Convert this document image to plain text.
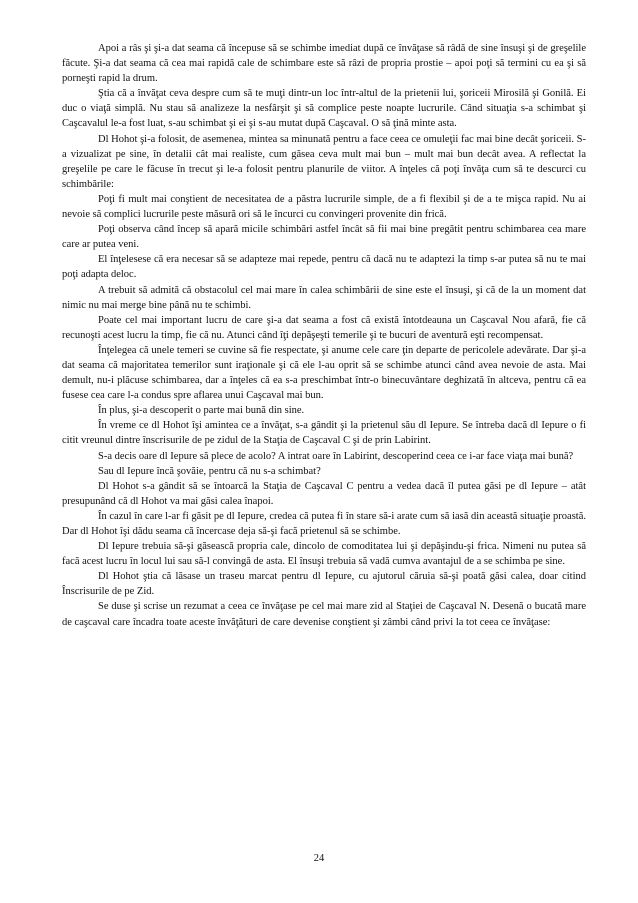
Apoi a râs şi şi-a dat seama că începuse să se schimbe imediat după ce învăţase să râdă de sine însuşi şi de greşelile făcute. Şi-a dat seama că cea mai rapidă cale de schimbare este să râzi de propria prostie – apoi poţi să termini cu ea şi să porneşti rapid la drum.

Ştia că a învăţat ceva despre cum să te muţi dintr-un loc într-altul de la prietenii lui, şoriceii Mirosilă şi Gonilă. Ei duc o viaţă simplă. Nu stau să analizeze la nesfârşit şi să complice peste noapte lucrurile. Când situaţia s-a schimbat şi Caşcavalul le-a fost luat, s-au schimbat şi ei şi s-au mutat după Caşcaval. O să ţină minte asta.

Dl Hohot şi-a folosit, de asemenea, mintea sa minunată pentru a face ceea ce omuleţii fac mai bine decât şoriceii. S-a vizualizat pe sine, în detalii cât mai realiste, cum găsea ceva mult mai bun – mult mai bun decât avea. A reflectat la greşelile pe care le făcuse în trecut şi le-a folosit pentru planurile de viitor. A înţeles că poţi învăţa cum să te descurci cu schimbările:

Poţi fi mult mai conştient de necesitatea de a păstra lucrurile simple, de a fi flexibil şi de a te mişca rapid. Nu ai nevoie să complici lucrurile peste măsură ori să le încurci cu convingeri provenite din frică.

Poţi observa când încep să apară micile schimbări astfel încât să fii mai bine pregătit pentru schimbarea cea mare care ar putea veni.

El înţelesese că era necesar să se adapteze mai repede, pentru că dacă nu te adaptezi la timp s-ar putea să nu te mai poţi adapta deloc.

A trebuit să admită că obstacolul cel mai mare în calea schimbării de sine este el însuşi, şi că de la un moment dat nimic nu mai merge bine până nu te schimbi.

Poate cel mai important lucru de care şi-a dat seama a fost că există întotdeauna un Caşcaval Nou afară, fie că recunoşti acest lucru la timp, fie că nu. Atunci când îţi depăşeşti temerile şi te bucuri de aventură eşti recompensat.

Înţelegea că unele temeri se cuvine să fie respectate, şi anume cele care ţin departe de pericolele adevărate. Dar şi-a dat seama că majoritatea temerilor sunt iraţionale şi că ele l-au oprit să se schimbe atunci când avea nevoie de asta. Mai demult, nu-i plăcuse schimbarea, dar a înţeles că ea s-a preschimbat într-o binecuvântare deghizată în altceva, pentru că ea fusese cea care l-a condus spre aflarea unui Caşcaval mai bun.

În plus, şi-a descoperit o parte mai bună din sine.

În vreme ce dl Hohot îşi amintea ce a învăţat, s-a gândit şi la prietenul său dl Iepure. Se întreba dacă dl Iepure o fi citit vreunul dintre înscrisurile de pe zidul de la Staţia de Caşcaval C şi de prin Labirint.

S-a decis oare dl Iepure să plece de acolo? A intrat oare în Labirint, descoperind ceea ce i-ar face viaţa mai bună?

Sau dl Iepure încă şovăie, pentru că nu s-a schimbat?

Dl Hohot s-a gândit să se întoarcă la Staţia de Caşcaval C pentru a vedea dacă îl putea găsi pe dl Iepure – atât presupunând că dl Hohot va mai găsi calea înapoi.

În cazul în care l-ar fi găsit pe dl Iepure, credea că putea fi în stare să-i arate cum să iasă din această situaţie proastă. Dar dl Hohot îşi dădu seama că încercase deja să-şi facă prietenul să se schimbe.

Dl Iepure trebuia să-şi găsească propria cale, dincolo de comoditatea lui şi depăşindu-şi frica. Nimeni nu putea să facă acest lucru în locul lui sau să-l convingă de asta. El însuşi trebuia să vadă cumva avantajul de a se schimba pe sine.

Dl Hohot ştia că lăsase un traseu marcat pentru dl Iepure, cu ajutorul căruia să-şi poată găsi calea, doar citind Înscrisurile de pe Zid.

Se duse şi scrise un rezumat a ceea ce învăţase pe cel mai mare zid al Staţiei de Caşcaval N. Desenă o bucată mare de caşcaval care încadra toate aceste învăţături de care devenise conştient şi zâmbi când privi la tot ceea ce învăţase:

24
